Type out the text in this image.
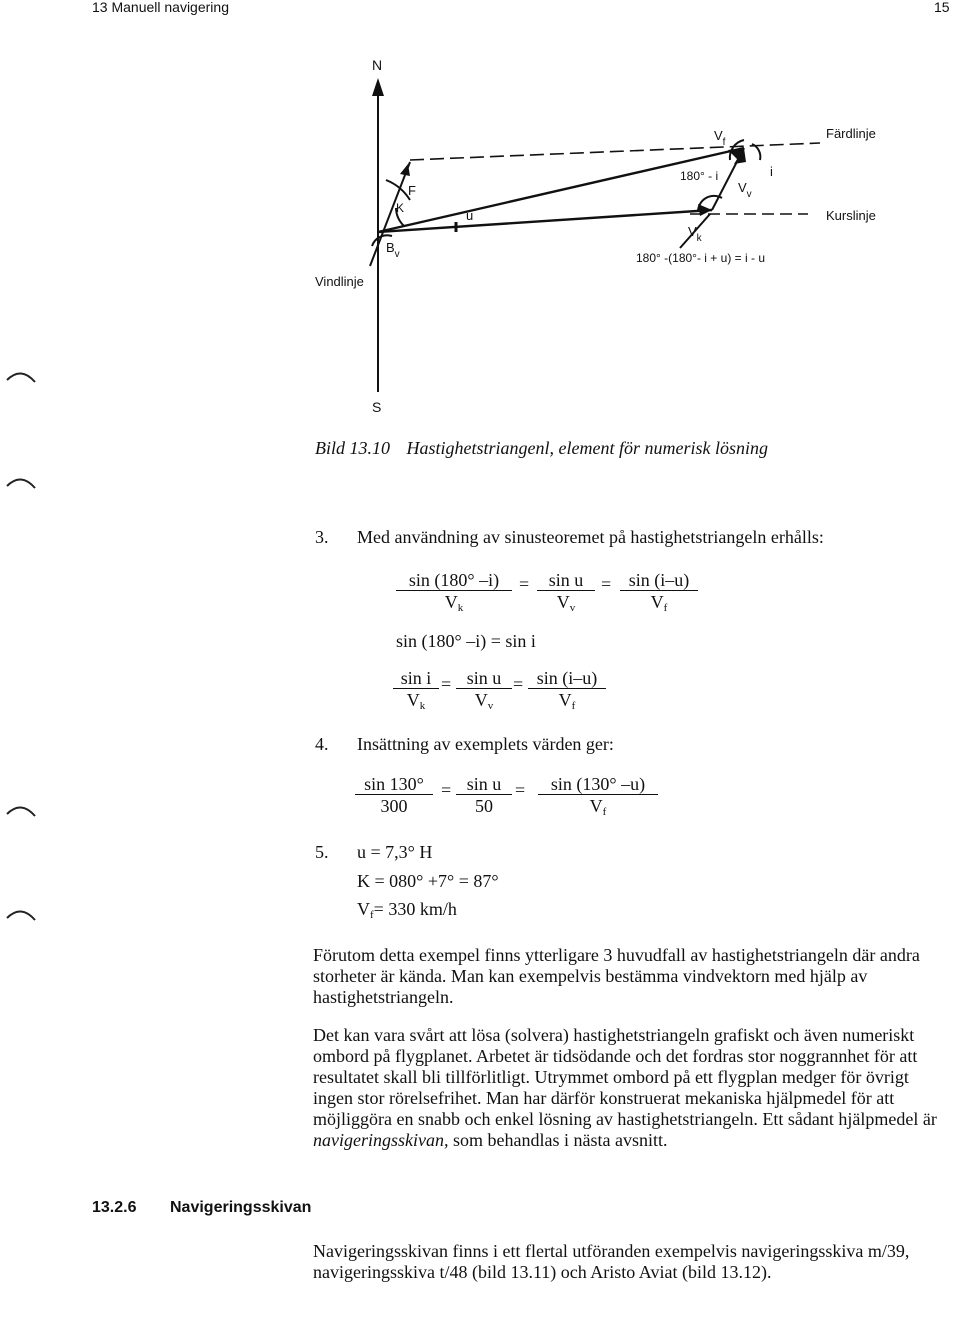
13 Manuell navigering	15
N
S
Vindlinje
Färdlinje
Kurslinje
F
K
$B_v$
u
$V_f$
$V_v$
$V_k$
i
180° - i
180° -(180°- i + u) = i - u
Bild 13.10 Hastighetstriangenl, element för numerisk lösning
3. Med användning av sinusteoremet på hastighetstriangeln erhålls:
$\frac{\sin (180^\circ -i)}{V_k} = \frac{\text{sin u}}{V_v} = \frac{\sin (i-u)}{V_f}$
sin (180° –i) = sin i
$\frac{\text{sin i}}{V_k} = \frac{\text{sin u}}{V_v} = \frac{\sin (i-u)}{V_f}$
4. Insättning av exemplets värden ger:
$\frac{\sin 130^\circ}{300} = \frac{\text{sin u}}{50} = \frac{\sin (130^\circ -u)}{V_f}$
5. u = 7,3° H
K = 080° +7° = 87°
$V_f= 330$ km/h

Förutom detta exempel finns ytterligare 3 huvudfall av hastighetstriangeln där andra storheter är kända. Man kan exempelvis bestämma vindvektorn med hjälp av hastighetstriangeln.

Det kan vara svårt att lösa (solvera) hastighetstriangeln grafiskt och även numeriskt ombord på flygplanet. Arbetet är tidsödande och det fordras stor noggrannhet för att resultatet skall bli tillförlitligt. Utrymmet ombord på ett flygplan medger för övrigt ingen stor rörelsefrihet. Man har därför konstruerat mekaniska hjälpmedel för att möjliggöra en snabb och enkel lösning av hastighetstriangeln. Ett sådant hjälpmedel är navigeringsskivan, som behandlas i nästa avsnitt.

13.2.6 Navigeringsskivan

Navigeringsskivan finns i ett flertal utföranden exempelvis navigeringsskiva m/39, navigeringsskiva t/48 (bild 13.11) och Aristo Aviat (bild 13.12).
